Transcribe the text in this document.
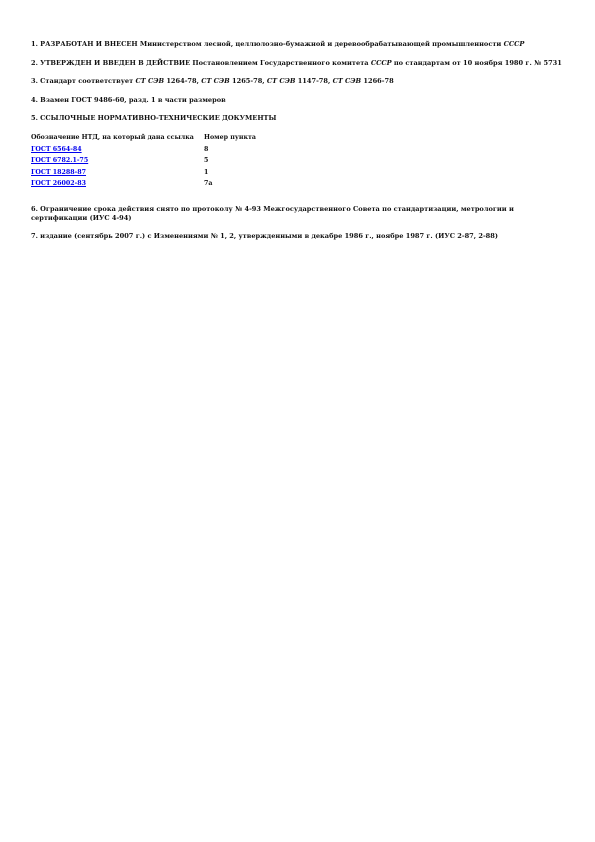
1. РАЗРАБОТАН И ВНЕСЕН Министерством лесной, целлюлозно-бумажной и деревообрабатывающей промышленности СССР

2. УТВЕРЖДЕН И ВВЕДЕН В ДЕЙСТВИЕ Постановлением Государственного комитета СССР по стандартам от 10 ноября 1980 г. № 5731

3. Стандарт соответствует СТ СЭВ 1264-78, СТ СЭВ 1265-78, СТ СЭВ 1147-78, СТ СЭВ 1266-78

4. Взамен ГОСТ 9486-60, разд. 1 в части размеров

5. ССЫЛОЧНЫЕ НОРМАТИВНО-ТЕХНИЧЕСКИЕ ДОКУМЕНТЫ

Обозначение НТД, на который дана ссылка	Номер пункта
ГОСТ 6564-84	8
ГОСТ 6782.1-75	5
ГОСТ 18288-87	1
ГОСТ 26002-83	7а

6. Ограничение срока действия снято по протоколу № 4-93 Межгосударственного Совета по стандартизации, метрологии и сертификации (ИУС 4-94)

7. издание (сентябрь 2007 г.) с Изменениями № 1, 2, утвержденными в декабре 1986 г., ноябре 1987 г. (ИУС 2-87, 2-88)
